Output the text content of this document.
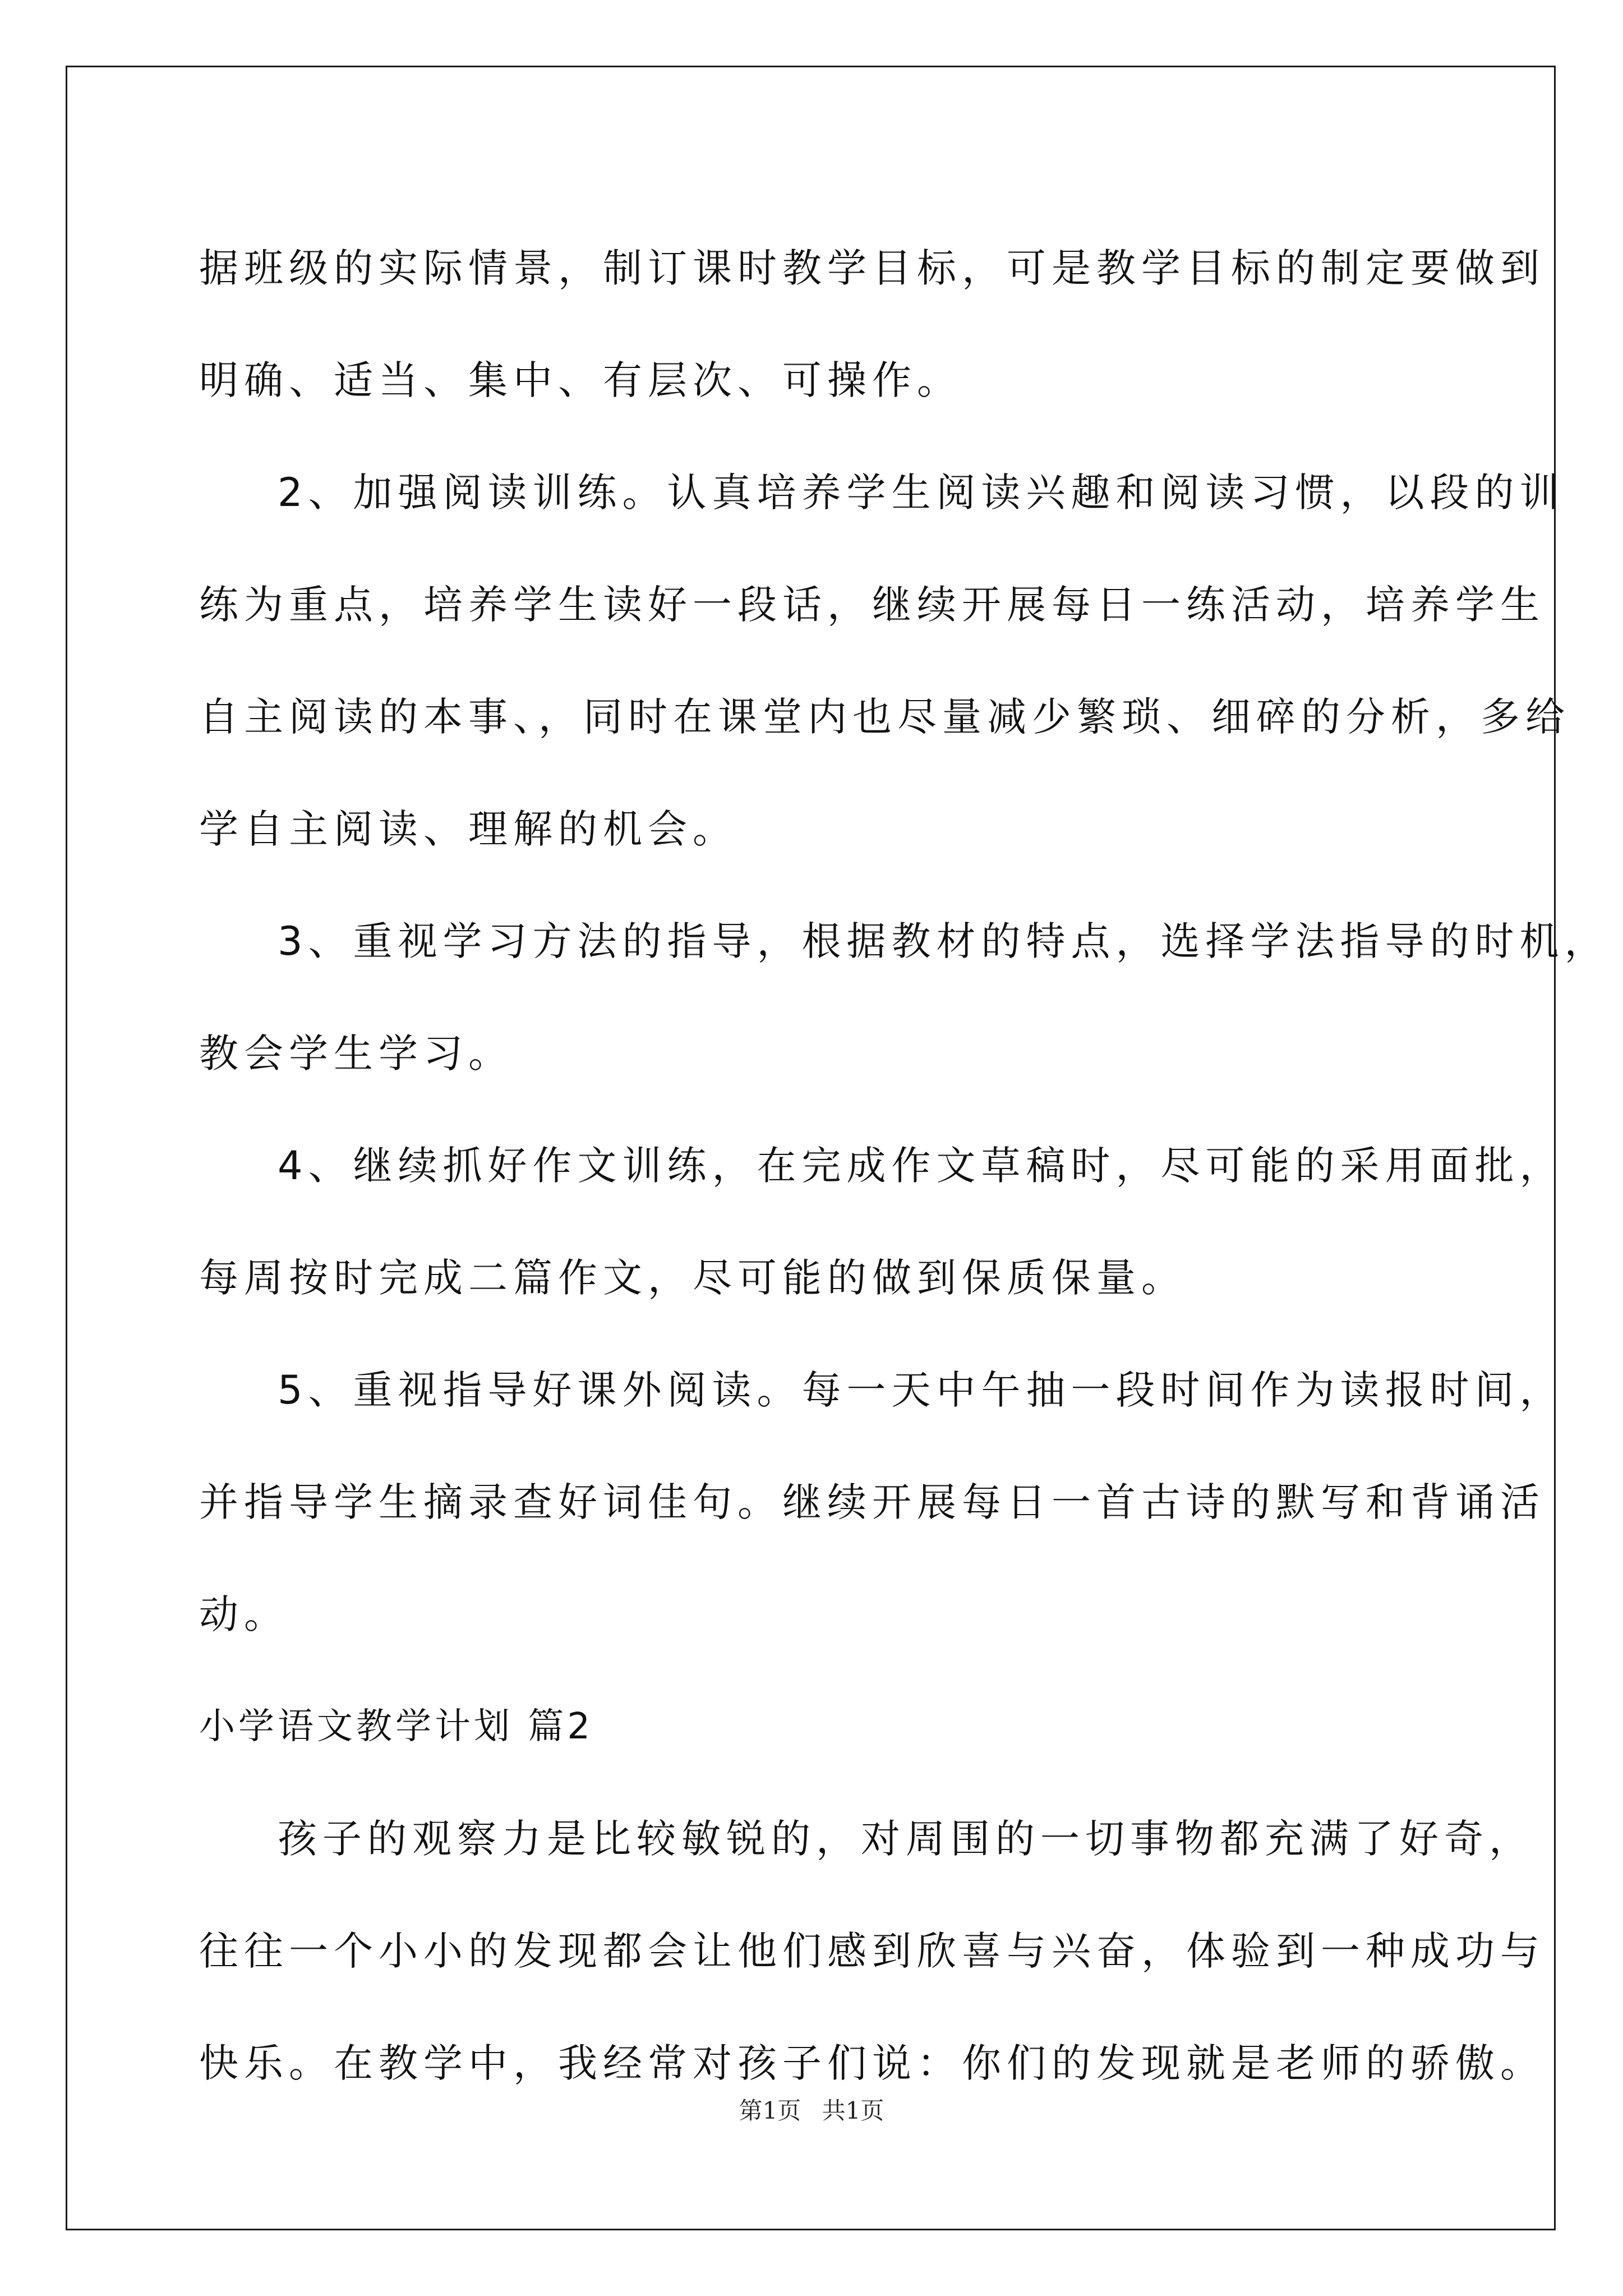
据班级的实际情景，制订课时教学目标，可是教学目标的制定要做到
明确、适当、集中、有层次、可操作。
2、加强阅读训练。认真培养学生阅读兴趣和阅读习惯，以段的训
练为重点，培养学生读好一段话，继续开展每日一练活动，培养学生
自主阅读的本事、，同时在课堂内也尽量减少繁琐、细碎的分析，多给
学自主阅读、理解的机会。
3、重视学习方法的指导，根据教材的特点，选择学法指导的时机，
教会学生学习。
4、继续抓好作文训练，在完成作文草稿时，尽可能的采用面批，
每周按时完成二篇作文，尽可能的做到保质保量。
5、重视指导好课外阅读。每一天中午抽一段时间作为读报时间，
并指导学生摘录查好词佳句。继续开展每日一首古诗的默写和背诵活
动。
小学语文教学计划 篇2
孩子的观察力是比较敏锐的，对周围的一切事物都充满了好奇，
往往一个小小的发现都会让他们感到欣喜与兴奋，体验到一种成功与
快乐。在教学中，我经常对孩子们说：你们的发现就是老师的骄傲。
第1页 共1页
